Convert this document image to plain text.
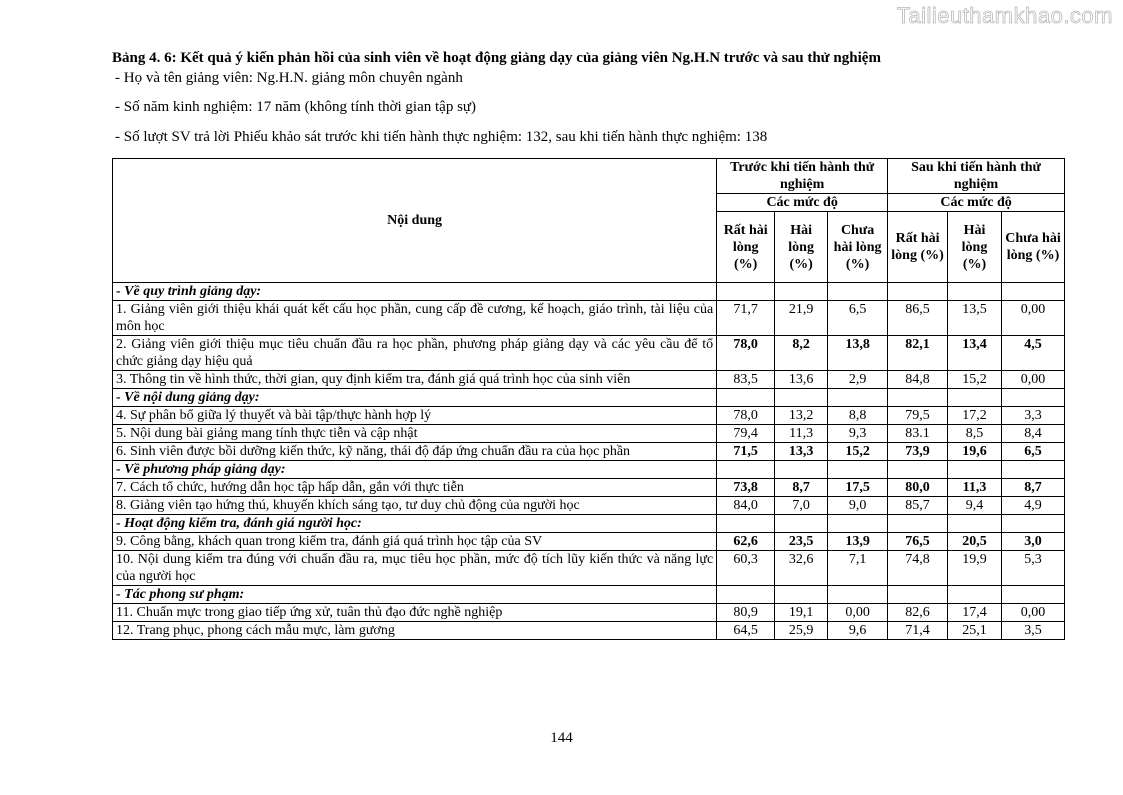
Tailieuthamkhao.com
Bảng 4. 6: Kết quả ý kiến phản hồi của sinh viên về hoạt động giảng dạy của giảng viên Ng.H.N trước và sau thử nghiệm
- Họ và tên giảng viên: Ng.H.N. giảng môn chuyên ngành
- Số năm kinh nghiệm: 17 năm (không tính thời gian tập sự)
- Số lượt SV trả lời Phiếu khảo sát trước khi tiến hành thực nghiệm: 132, sau khi tiến hành thực nghiệm: 138
Nội dung	Trước khi tiến hành thử nghiệm			Sau khi tiến hành thử nghiệm		
	Các mức độ			Các mức độ		
	Rất hài lòng (%)	Hài lòng (%)	Chưa hài lòng (%)	Rất hài lòng (%)	Hài lòng (%)	Chưa hài lòng (%)
- Về quy trình giảng dạy:						
1. Giảng viên giới thiệu khái quát kết cấu học phần, cung cấp đề cương, kế hoạch, giáo trình, tài liệu của môn học	71,7	21,9	6,5	86,5	13,5	0,00
2. Giảng viên giới thiệu mục tiêu chuẩn đầu ra học phần, phương pháp giảng dạy và các yêu cầu để tổ chức giảng dạy hiệu quả	78,0	8,2	13,8	82,1	13,4	4,5
3. Thông tin về hình thức, thời gian, quy định kiểm tra, đánh giá quá trình học của sinh viên	83,5	13,6	2,9	84,8	15,2	0,00
- Về nội dung giảng dạy:						
4. Sự phân bổ giữa lý thuyết và bài tập/thực hành hợp lý	78,0	13,2	8,8	79,5	17,2	3,3
5. Nội dung bài giảng mang tính thực tiễn và cập nhật	79,4	11,3	9,3	83.1	8,5	8,4
6. Sinh viên được bồi dưỡng kiến thức, kỹ năng, thái độ đáp ứng chuẩn đầu ra của học phần	71,5	13,3	15,2	73,9	19,6	6,5
- Về phương pháp giảng dạy:						
7. Cách tổ chức, hướng dẫn học tập hấp dẫn, gắn với thực tiễn	73,8	8,7	17,5	80,0	11,3	8,7
8. Giảng viên tạo hứng thú, khuyến khích sáng tạo, tư duy chủ động của người học	84,0	7,0	9,0	85,7	9,4	4,9
- Hoạt động kiểm tra, đánh giá người học:						
9. Công bằng, khách quan trong kiểm tra, đánh giá quá trình học tập của SV	62,6	23,5	13,9	76,5	20,5	3,0
10. Nội dung kiểm tra đúng với chuẩn đầu ra, mục tiêu học phần, mức độ tích lũy kiến thức và năng lực của người học	60,3	32,6	7,1	74,8	19,9	5,3
- Tác phong sư phạm:						
11. Chuẩn mực trong giao tiếp ứng xử, tuân thủ đạo đức nghề nghiệp	80,9	19,1	0,00	82,6	17,4	0,00
12. Trang phục, phong cách mẫu mực, làm gương	64,5	25,9	9,6	71,4	25,1	3,5
144
